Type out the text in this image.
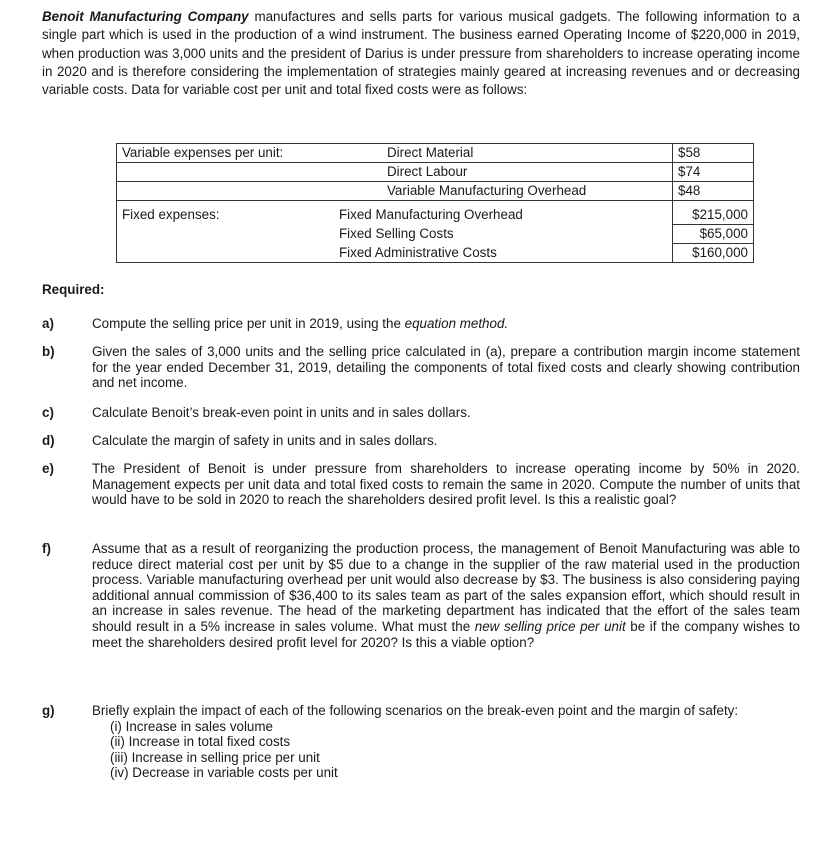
Benoit Manufacturing Company manufactures and sells parts for various musical gadgets. The following information to a single part which is used in the production of a wind instrument. The business earned Operating Income of $220,000 in 2019, when production was 3,000 units and the president of Darius is under pressure from shareholders to increase operating income in 2020 and is therefore considering the implementation of strategies mainly geared at increasing revenues and or decreasing variable costs. Data for variable cost per unit and total fixed costs were as follows:

Variable expenses per unit:	Direct Material	$58
	Direct Labour	$74
	Variable Manufacturing Overhead	$48
Fixed expenses:	Fixed Manufacturing Overhead	$215,000
	Fixed Selling Costs	$65,000
	Fixed Administrative Costs	$160,000

Required:

a)	Compute the selling price per unit in 2019, using the equation method.
b)	Given the sales of 3,000 units and the selling price calculated in (a), prepare a contribution margin income statement for the year ended December 31, 2019, detailing the components of total fixed costs and clearly showing contribution and net income.
c)	Calculate Benoit’s break-even point in units and in sales dollars.
d)	Calculate the margin of safety in units and in sales dollars.
e)	The President of Benoit is under pressure from shareholders to increase operating income by 50% in 2020. Management expects per unit data and total fixed costs to remain the same in 2020. Compute the number of units that would have to be sold in 2020 to reach the shareholders desired profit level. Is this a realistic goal?
f)	Assume that as a result of reorganizing the production process, the management of Benoit Manufacturing was able to reduce direct material cost per unit by $5 due to a change in the supplier of the raw material used in the production process. Variable manufacturing overhead per unit would also decrease by $3. The business is also considering paying additional annual commission of $36,400 to its sales team as part of the sales expansion effort, which should result in an increase in sales revenue. The head of the marketing department has indicated that the effort of the sales team should result in a 5% increase in sales volume. What must the new selling price per unit be if the company wishes to meet the shareholders desired profit level for 2020? Is this a viable option?
g)	Briefly explain the impact of each of the following scenarios on the break-even point and the margin of safety:
(i) Increase in sales volume
(ii) Increase in total fixed costs
(iii) Increase in selling price per unit
(iv) Decrease in variable costs per unit
